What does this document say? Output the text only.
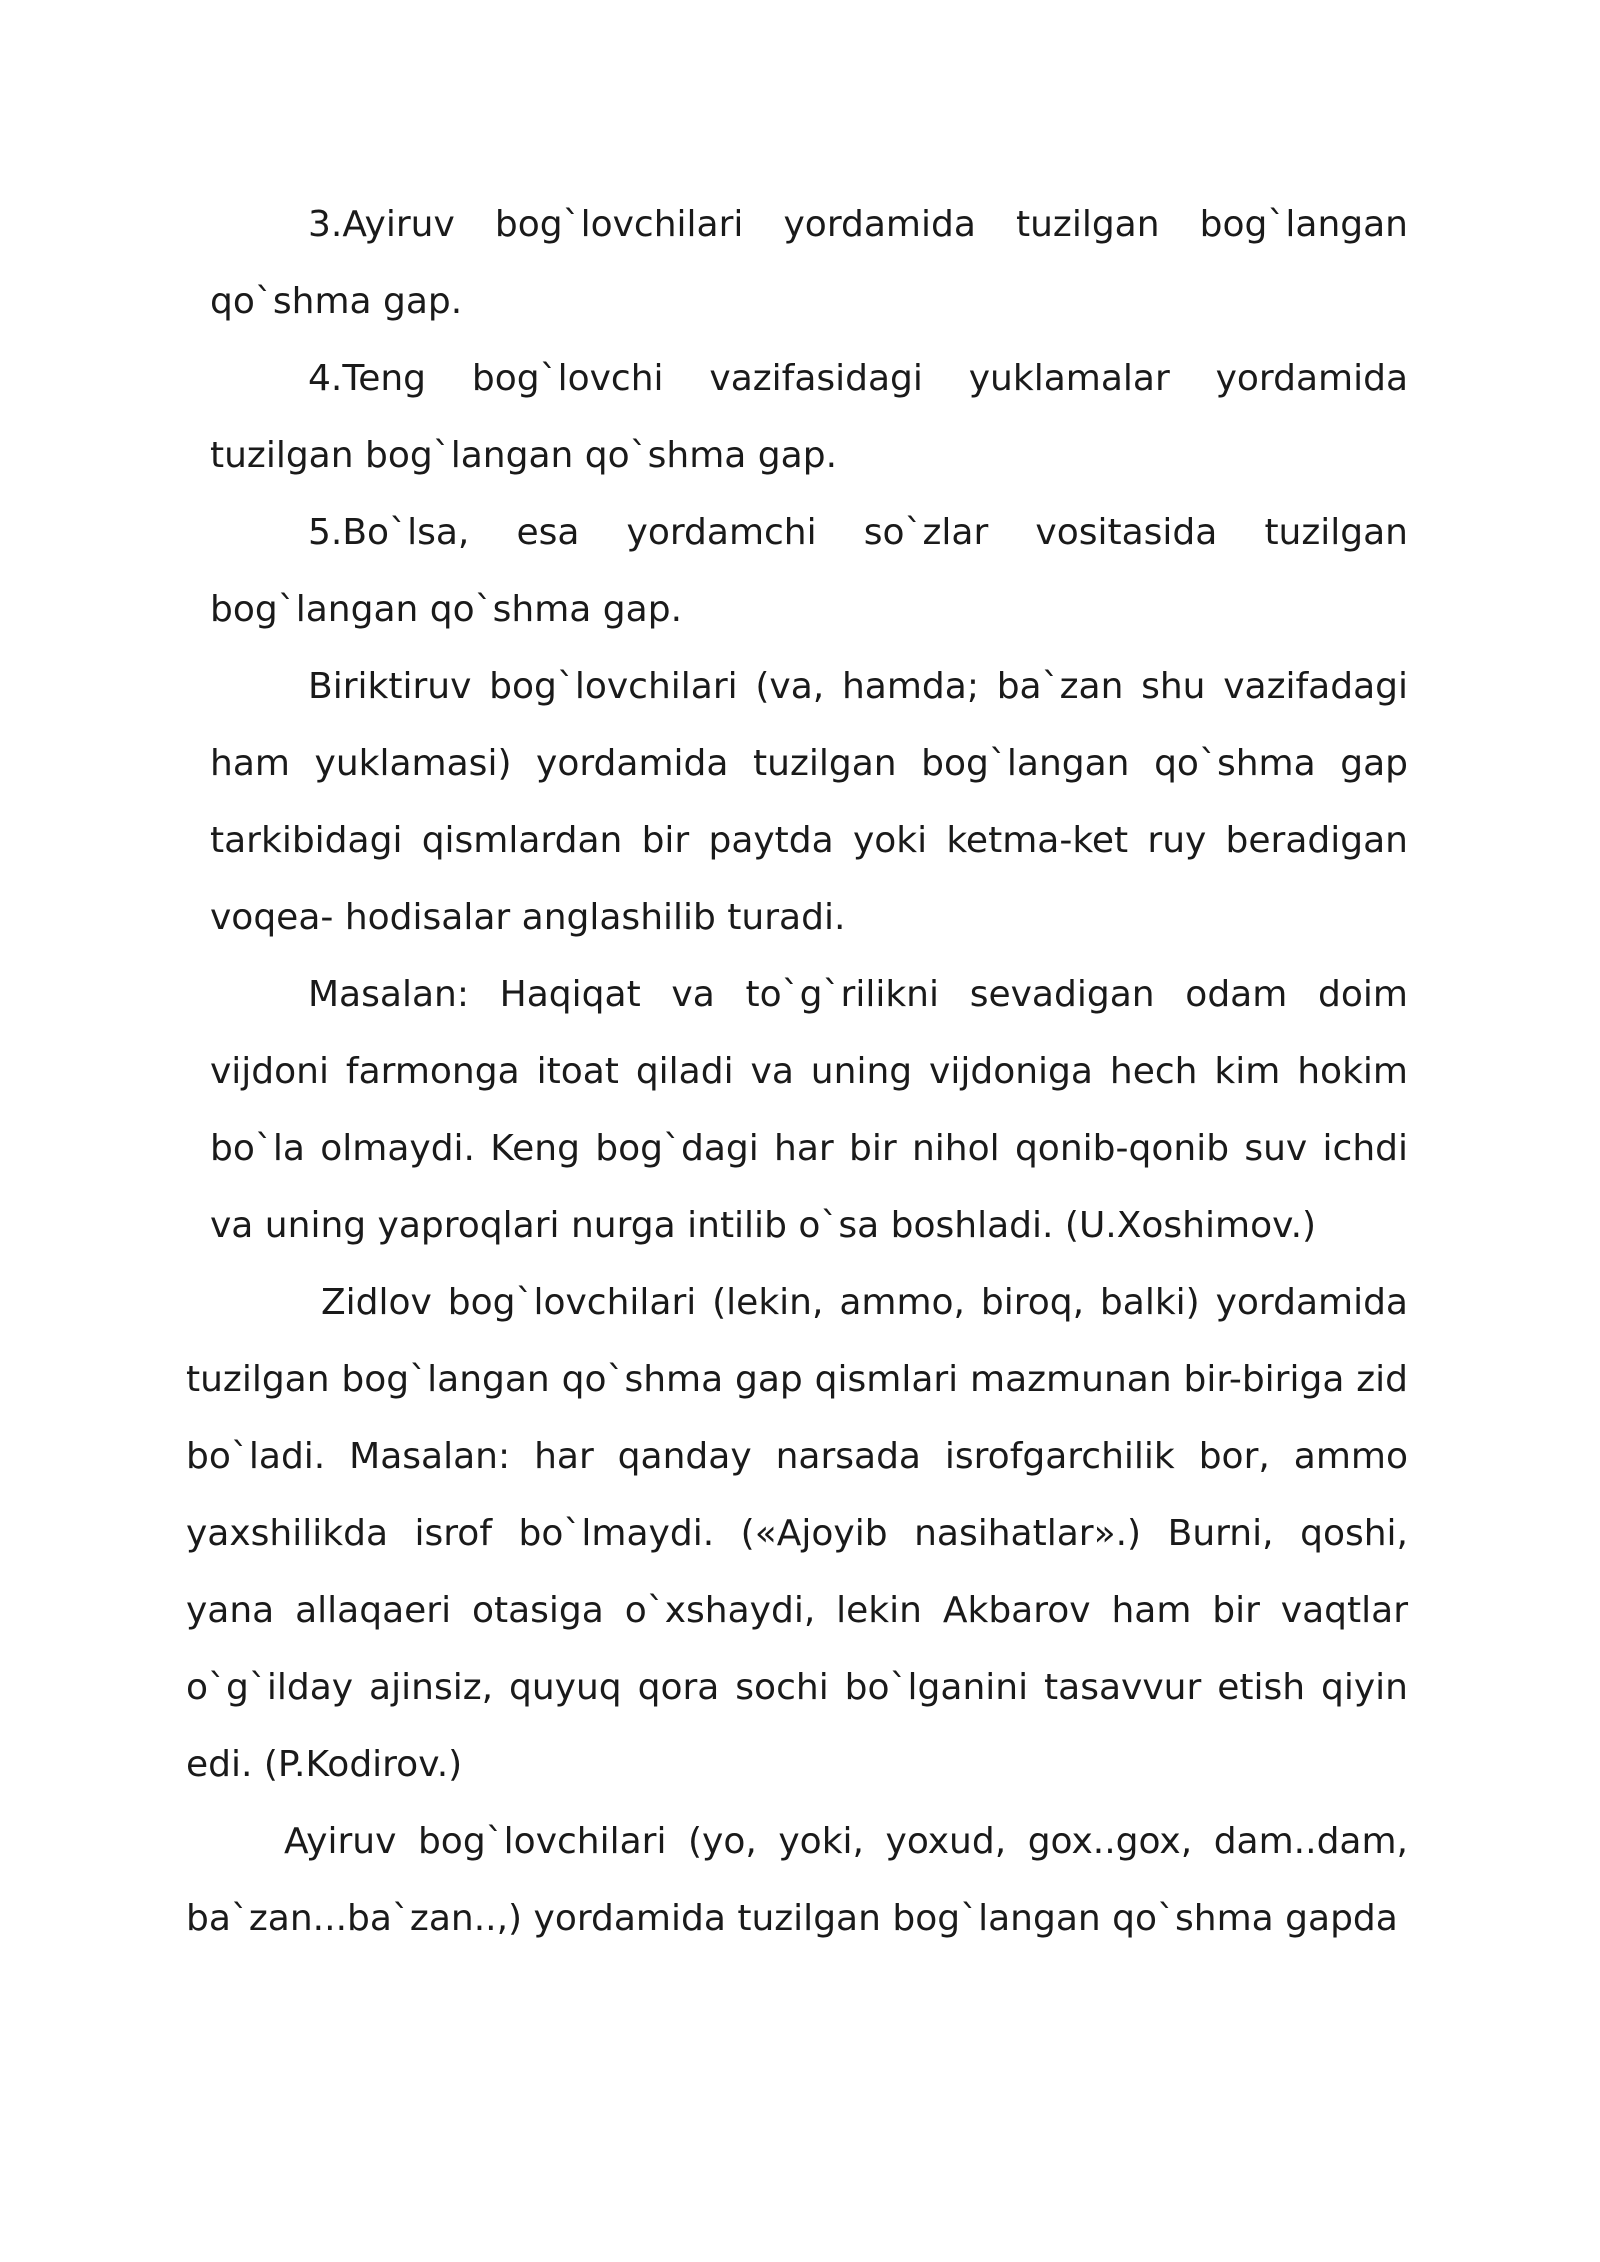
3.Ayiruv bog`lovchilari yordamida tuzilgan bog`langan qo`shma gap.

4.Teng bog`lovchi vazifasidagi yuklamalar yordamida tuzilgan bog`langan qo`shma gap.

5.Bo`lsa, esa yordamchi so`zlar vositasida tuzilgan bog`langan qo`shma gap.

Biriktiruv bog`lovchilari (va, hamda; ba`zan shu vazifadagi ham yuklamasi) yordamida tuzilgan bog`langan qo`shma gap tarkibidagi qismlardan bir paytda yoki ketma-ket ruy beradigan voqea- hodisalar anglashilib turadi.

Masalan: Haqiqat va to`g`rilikni sevadigan odam doim vijdoni farmonga itoat qiladi va uning vijdoniga hech kim hokim bo`la olmaydi. Keng bog`dagi har bir nihol qonib-qonib suv ichdi va uning yaproqlari nurga intilib o`sa boshladi. (U.Xoshimov.)

Zidlov bog`lovchilari (lekin, ammo, biroq, balki) yordamida tuzilgan bog`langan qo`shma gap qismlari mazmunan bir-biriga zid bo`ladi. Masalan: har qanday narsada isrofgarchilik bor, ammo yaxshilikda isrof bo`lmaydi. («Ajoyib nasihatlar».) Burni, qoshi, yana allaqaeri otasiga o`xshaydi, lekin Akbarov ham bir vaqtlar o`g`ilday ajinsiz, quyuq qora sochi bo`lganini tasavvur etish qiyin edi. (P.Kodirov.)

Ayiruv bog`lovchilari (yo, yoki, yoxud, gox..gox, dam..dam, ba`zan...ba`zan..,) yordamida tuzilgan bog`langan qo`shma gapda
